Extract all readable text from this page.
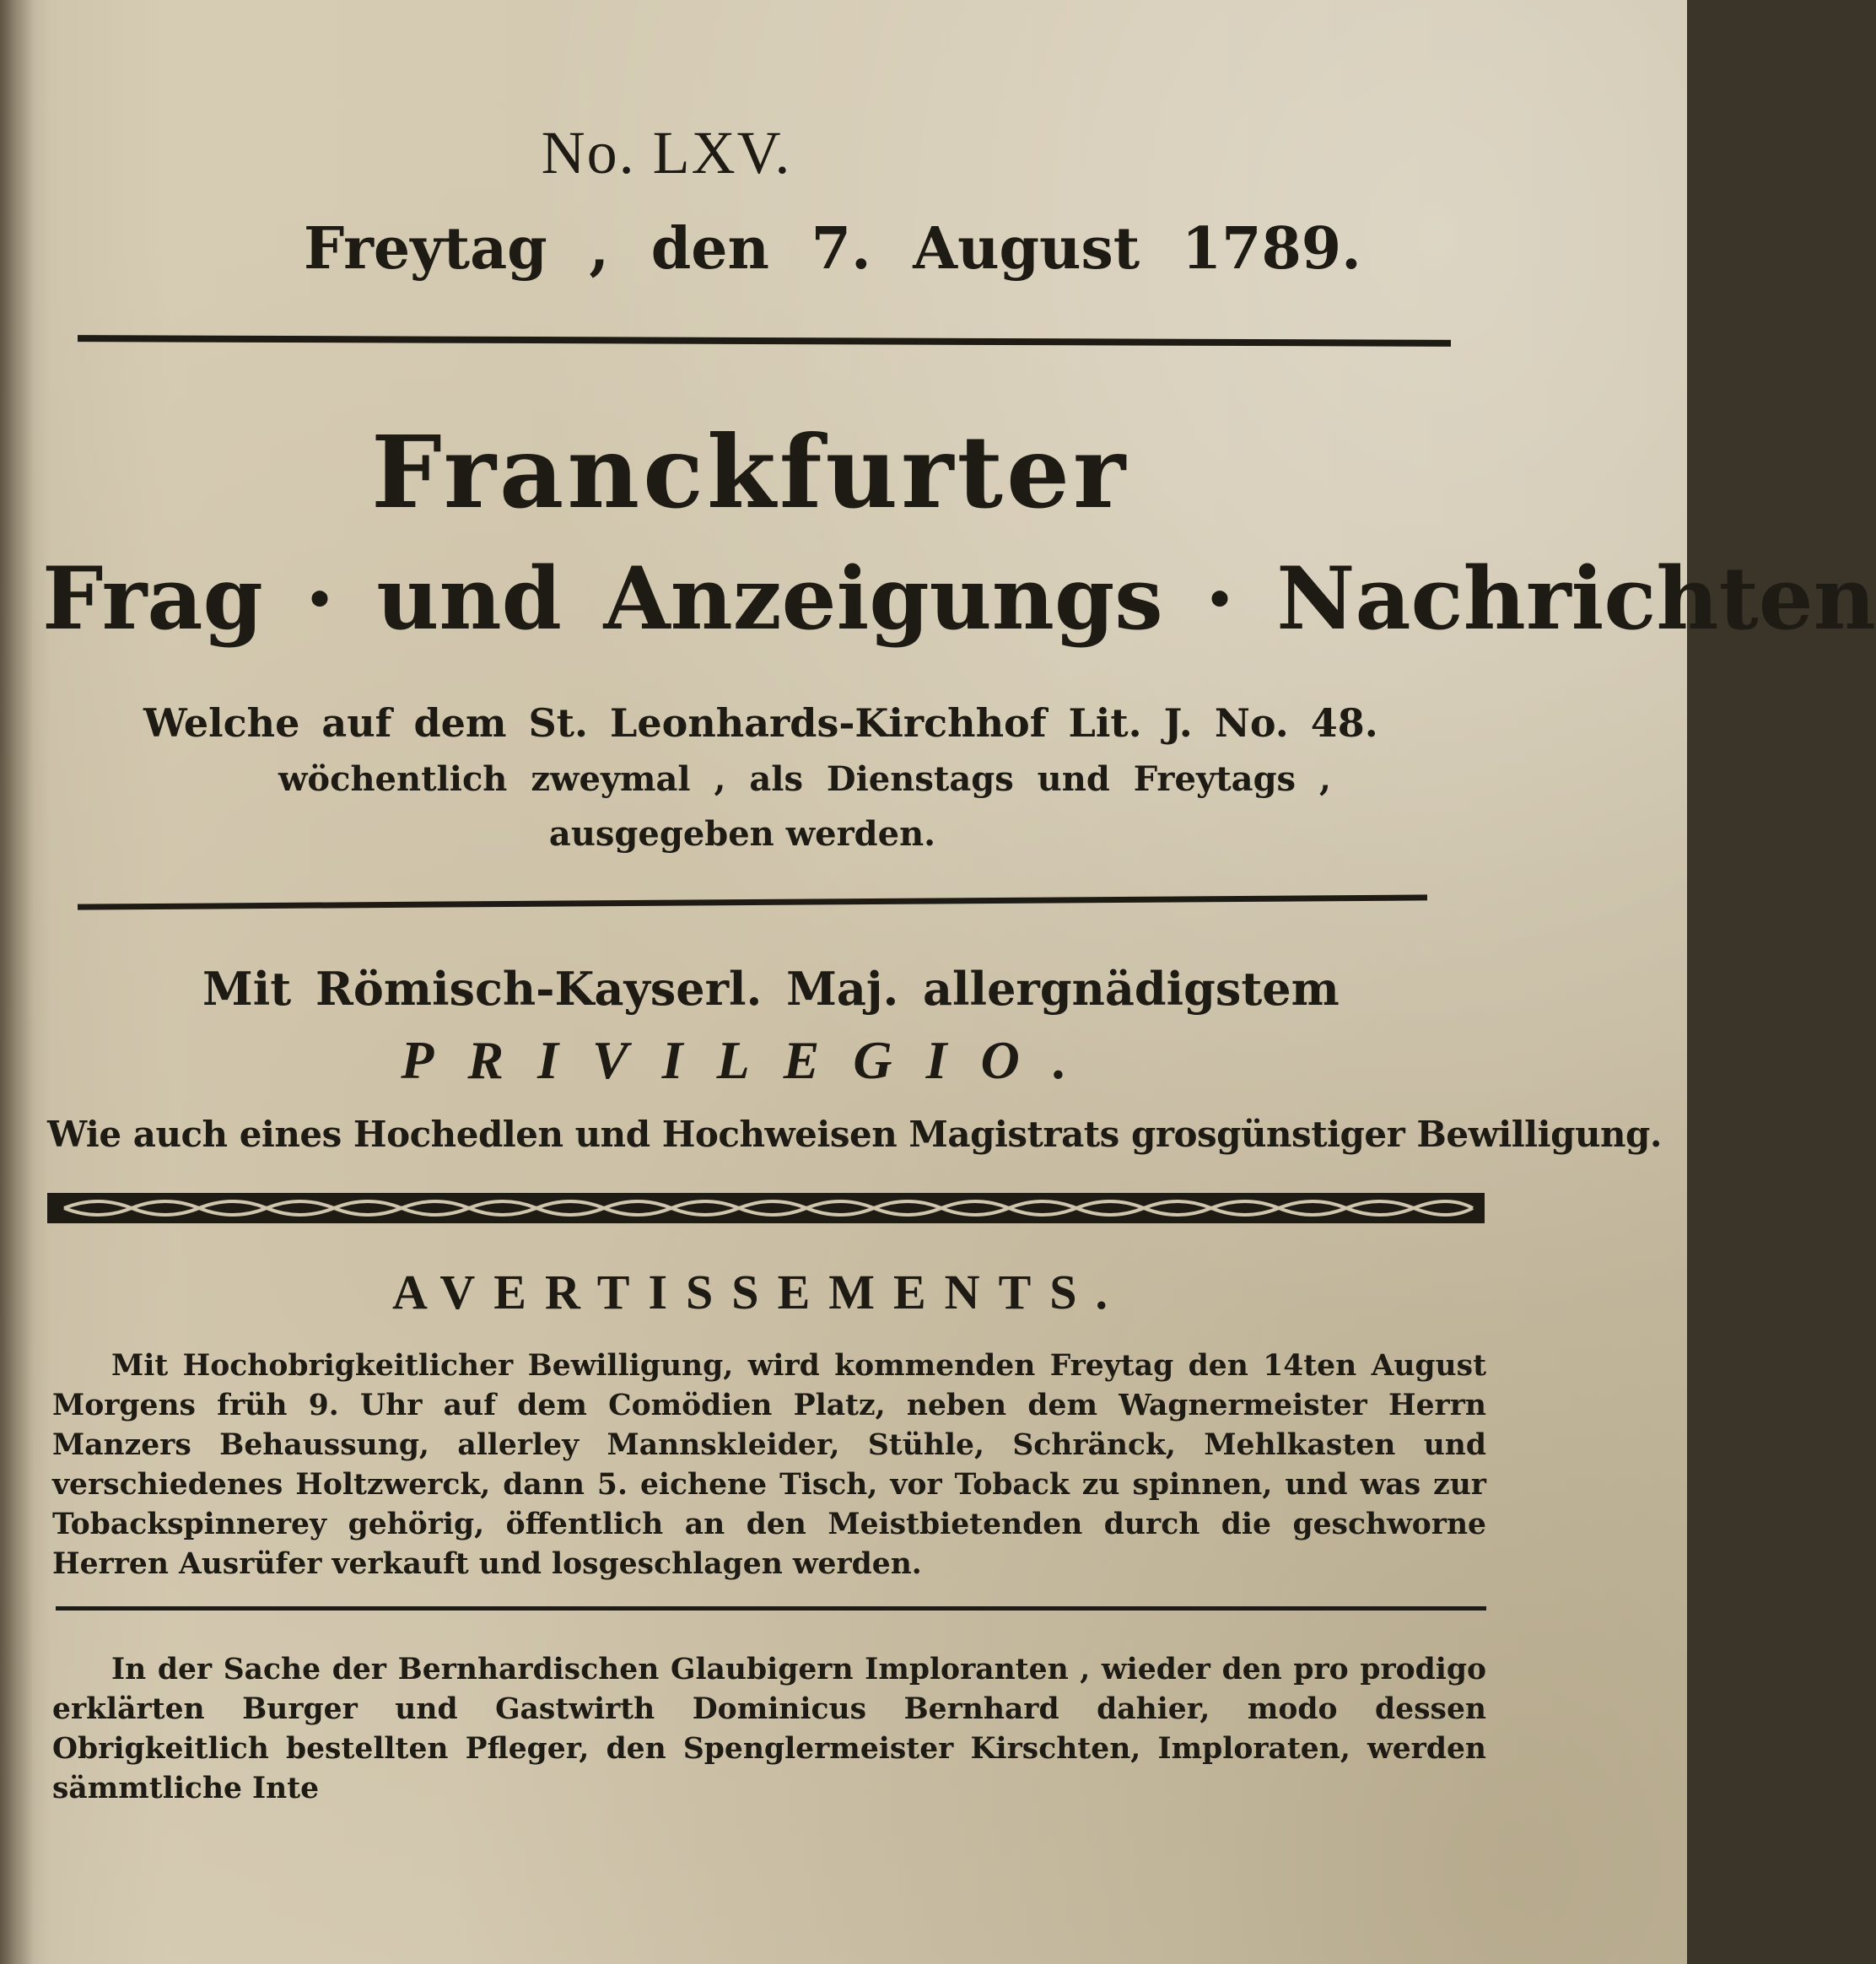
No. LXV.
Freytag , den 7. August 1789.
Franckfurter
Frag · und Anzeigungs · Nachrichten
Welche auf dem St. Leonhards-Kirchhof Lit. J. No. 48.
wöchentlich zweymal , als Dienstags und Freytags ,
ausgegeben werden.
Mit Römisch-Kayserl. Maj. allergnädigstem
PRIVILEGIO.
Wie auch eines Hochedlen und Hochweisen Magistrats grosgünstiger Bewilligung.
AVERTISSEMENTS.

Mit Hochobrigkeitlicher Bewilligung, wird kommenden Freytag den 14ten August Morgens früh 9. Uhr auf dem Comödien Platz, neben dem Wagnermeister Herrn Manzers Behaussung, allerley Mannskleider, Stühle, Schränck, Mehlkasten und verschiedenes Holtzwerck, dann 5. eichene Tisch, vor Toback zu spinnen, und was zur Tobackspinnerey gehörig, öffentlich an den Meistbietenden durch die geschworne Herren Ausrüfer verkauft und losgeschlagen werden.

In der Sache der Bernhardischen Glaubigern Imploranten , wieder den pro prodigo erklärten Burger und Gastwirth Dominicus Bernhard dahier, modo dessen Obrigkeitlich bestellten Pfleger, den Spenglermeister Kirschten, Imploraten, werden sämmtliche Inte
